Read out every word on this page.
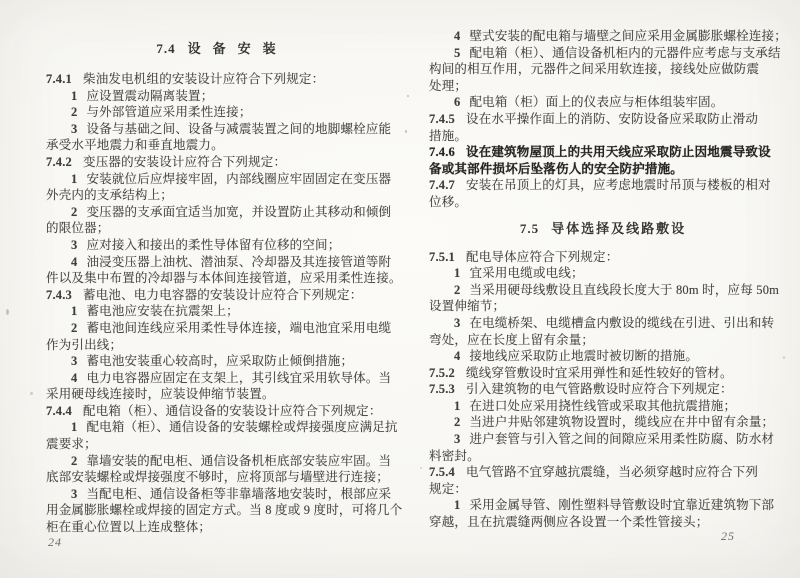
7.4 设备安装
7.4.1 柴油发电机组的安装设计应符合下列规定：
1 应设置震动隔离装置；
2 与外部管道应采用柔性连接；
3 设备与基础之间、设备与减震装置之间的地脚螺栓应能
承受水平地震力和垂直地震力。
7.4.2 变压器的安装设计应符合下列规定：
1 安装就位后应焊接牢固，内部线圈应牢固固定在变压器
外壳内的支承结构上；
2 变压器的支承面宜适当加宽，并设置防止其移动和倾倒
的限位器；
3 应对接入和接出的柔性导体留有位移的空间；
4 油浸变压器上油枕、潜油泵、冷却器及其连接管道等附
件以及集中布置的冷却器与本体间连接管道，应采用柔性连接。
7.4.3 蓄电池、电力电容器的安装设计应符合下列规定：
1 蓄电池应安装在抗震架上；
2 蓄电池间连线应采用柔性导体连接，端电池宜采用电缆
作为引出线；
3 蓄电池安装重心较高时，应采取防止倾倒措施；
4 电力电容器应固定在支架上，其引线宜采用软导体。当
采用硬母线连接时，应装设伸缩节装置。
7.4.4 配电箱（柜）、通信设备的安装设计应符合下列规定：
1 配电箱（柜）、通信设备的安装螺栓或焊接强度应满足抗
震要求；
2 靠墙安装的配电柜、通信设备机柜底部安装应牢固。当
底部安装螺栓或焊接强度不够时，应将顶部与墙壁进行连接；
3 当配电柜、通信设备柜等非靠墙落地安装时，根部应采
用金属膨胀螺栓或焊接的固定方式。当 8 度或 9 度时，可将几个
柜在重心位置以上连成整体；
4 壁式安装的配电箱与墙壁之间应采用金属膨胀螺栓连接；
5 配电箱（柜）、通信设备机柜内的元器件应考虑与支承结
构间的相互作用，元器件之间采用软连接，接线处应做防震
处理；
6 配电箱（柜）面上的仪表应与柜体组装牢固。
7.4.5 设在水平操作面上的消防、安防设备应采取防止滑动
措施。
7.4.6 设在建筑物屋顶上的共用天线应采取防止因地震导致设
备或其部件损坏后坠落伤人的安全防护措施。
7.4.7 安装在吊顶上的灯具，应考虑地震时吊顶与楼板的相对
位移。
7.5 导体选择及线路敷设
7.5.1 配电导体应符合下列规定：
1 宜采用电缆或电线；
2 当采用硬母线敷设且直线段长度大于 80m 时，应每 50m
设置伸缩节；
3 在电缆桥架、电缆槽盒内敷设的缆线在引进、引出和转
弯处，应在长度上留有余量；
4 接地线应采取防止地震时被切断的措施。
7.5.2 缆线穿管敷设时宜采用弹性和延性较好的管材。
7.5.3 引入建筑物的电气管路敷设时应符合下列规定：
1 在进口处应采用挠性线管或采取其他抗震措施；
2 当进户井贴邻建筑物设置时，缆线应在井中留有余量；
3 进户套管与引入管之间的间隙应采用柔性防腐、防水材
料密封。
7.5.4 电气管路不宜穿越抗震缝，当必须穿越时应符合下列
规定：
1 采用金属导管、刚性塑料导管敷设时宜靠近建筑物下部
穿越，且在抗震缝两侧应各设置一个柔性管接头；
24	25
